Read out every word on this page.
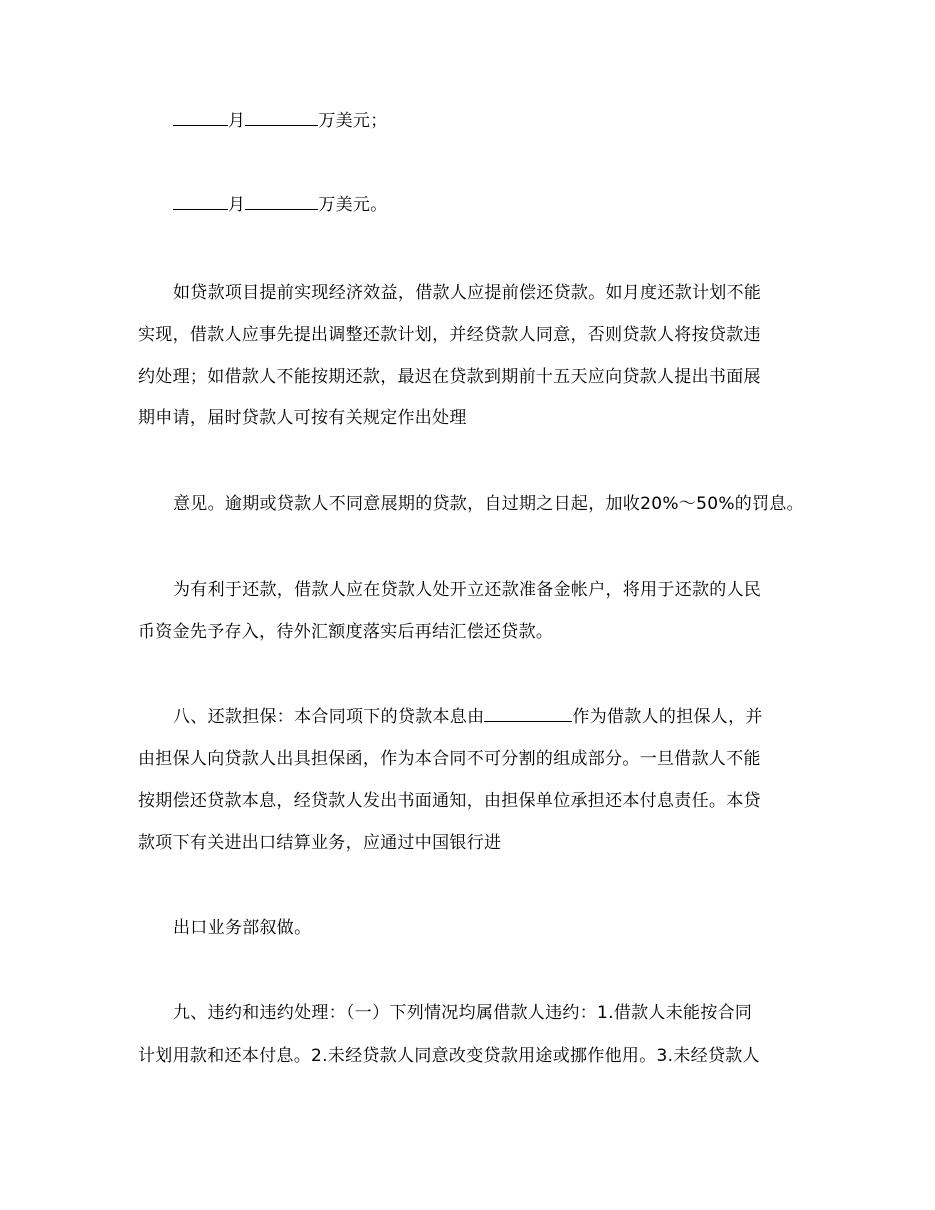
月	万美元；
月	万美元。
如贷款项目提前实现经济效益，借款人应提前偿还贷款。如月度还款计划不能
实现，借款人应事先提出调整还款计划，并经贷款人同意，否则贷款人将按贷款违
约处理；如借款人不能按期还款，最迟在贷款到期前十五天应向贷款人提出书面展
期申请，届时贷款人可按有关规定作出处理
意见。逾期或贷款人不同意展期的贷款，自过期之日起，加收20%～50%的罚息。
为有利于还款，借款人应在贷款人处开立还款准备金帐户，将用于还款的人民
币资金先予存入，待外汇额度落实后再结汇偿还贷款。
八、还款担保：本合同项下的贷款本息由	作为借款人的担保人，并
由担保人向贷款人出具担保函，作为本合同不可分割的组成部分。一旦借款人不能
按期偿还贷款本息，经贷款人发出书面通知，由担保单位承担还本付息责任。本贷
款项下有关进出口结算业务，应通过中国银行进
出口业务部叙做。
九、违约和违约处理：（一）下列情况均属借款人违约：1.借款人未能按合同
计划用款和还本付息。2.未经贷款人同意改变贷款用途或挪作他用。3.未经贷款人
